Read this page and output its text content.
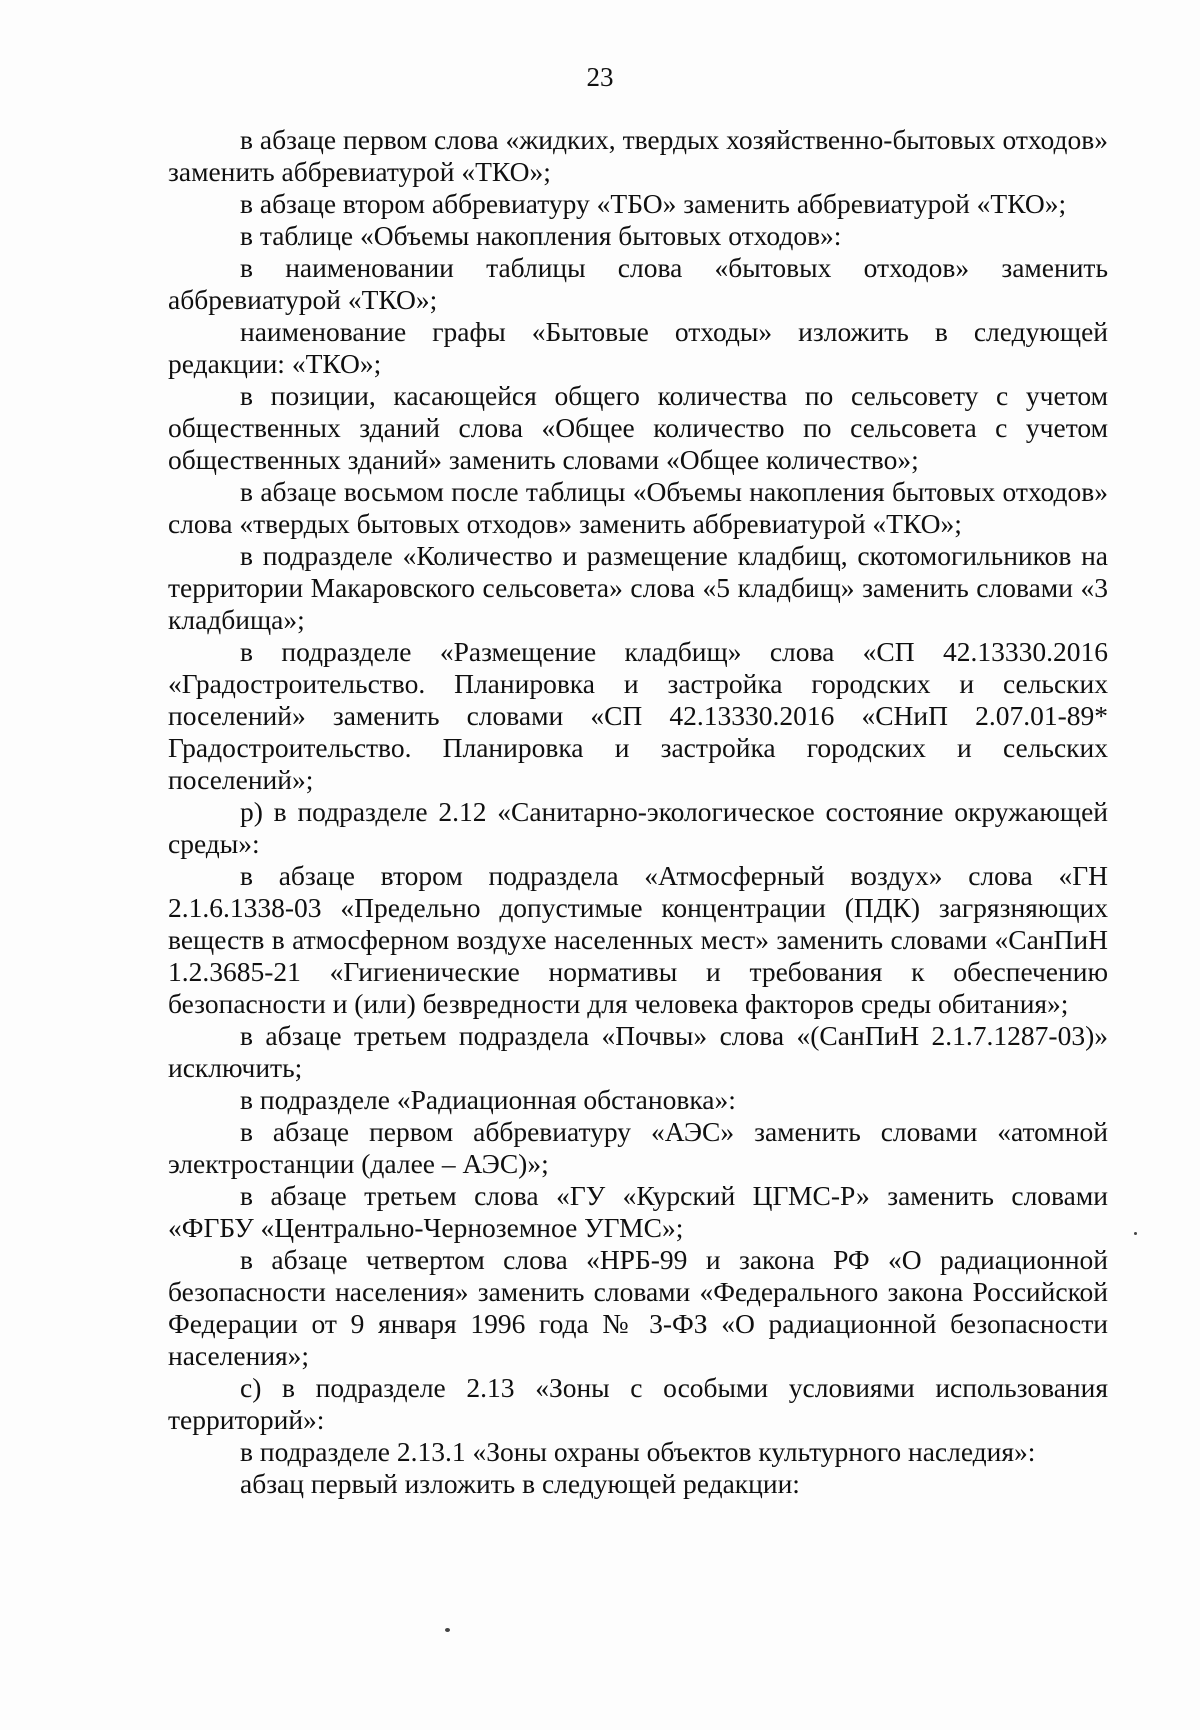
23

в абзаце первом слова «жидких, твердых хозяйственно-бытовых отходов» заменить аббревиатурой «ТКО»;

в абзаце втором аббревиатуру «ТБО» заменить аббревиатурой «ТКО»;

в таблице «Объемы накопления бытовых отходов»:

в наименовании таблицы слова «бытовых отходов» заменить аббревиатурой «ТКО»;

наименование графы «Бытовые отходы» изложить в следующей редакции: «ТКО»;

в позиции, касающейся общего количества по сельсовету с учетом общественных зданий слова «Общее количество по сельсовета с учетом общественных зданий» заменить словами «Общее количество»;

в абзаце восьмом после таблицы «Объемы накопления бытовых отходов» слова «твердых бытовых отходов» заменить аббревиатурой «ТКО»;

в подразделе «Количество и размещение кладбищ, скотомогильников на территории Макаровского сельсовета» слова «5 кладбищ» заменить словами «3 кладбища»;

в подразделе «Размещение кладбищ» слова «СП 42.13330.2016 «Градостроительство. Планировка и застройка городских и сельских поселений» заменить словами «СП 42.13330.2016 «СНиП 2.07.01-89* Градостроительство. Планировка и застройка городских и сельских поселений»;

р) в подразделе 2.12 «Санитарно-экологическое состояние окружающей среды»:

в абзаце втором подраздела «Атмосферный воздух» слова «ГН 2.1.6.1338-03 «Предельно допустимые концентрации (ПДК) загрязняющих веществ в атмосферном воздухе населенных мест» заменить словами «СанПиН 1.2.3685-21 «Гигиенические нормативы и требования к обеспечению безопасности и (или) безвредности для человека факторов среды обитания»;

в абзаце третьем подраздела «Почвы» слова «(СанПиН 2.1.7.1287-03)» исключить;

в подразделе «Радиационная обстановка»:

в абзаце первом аббревиатуру «АЭС» заменить словами «атомной электростанции (далее – АЭС)»;

в абзаце третьем слова «ГУ «Курский ЦГМС-Р» заменить словами «ФГБУ «Центрально-Черноземное УГМС»;

в абзаце четвертом слова «НРБ-99 и закона РФ «О радиационной безопасности населения» заменить словами «Федерального закона Российской Федерации от 9 января 1996 года № 3-ФЗ «О радиационной безопасности населения»;

с) в подразделе 2.13 «Зоны с особыми условиями использования территорий»:

в подразделе 2.13.1 «Зоны охраны объектов культурного наследия»:

абзац первый изложить в следующей редакции:
